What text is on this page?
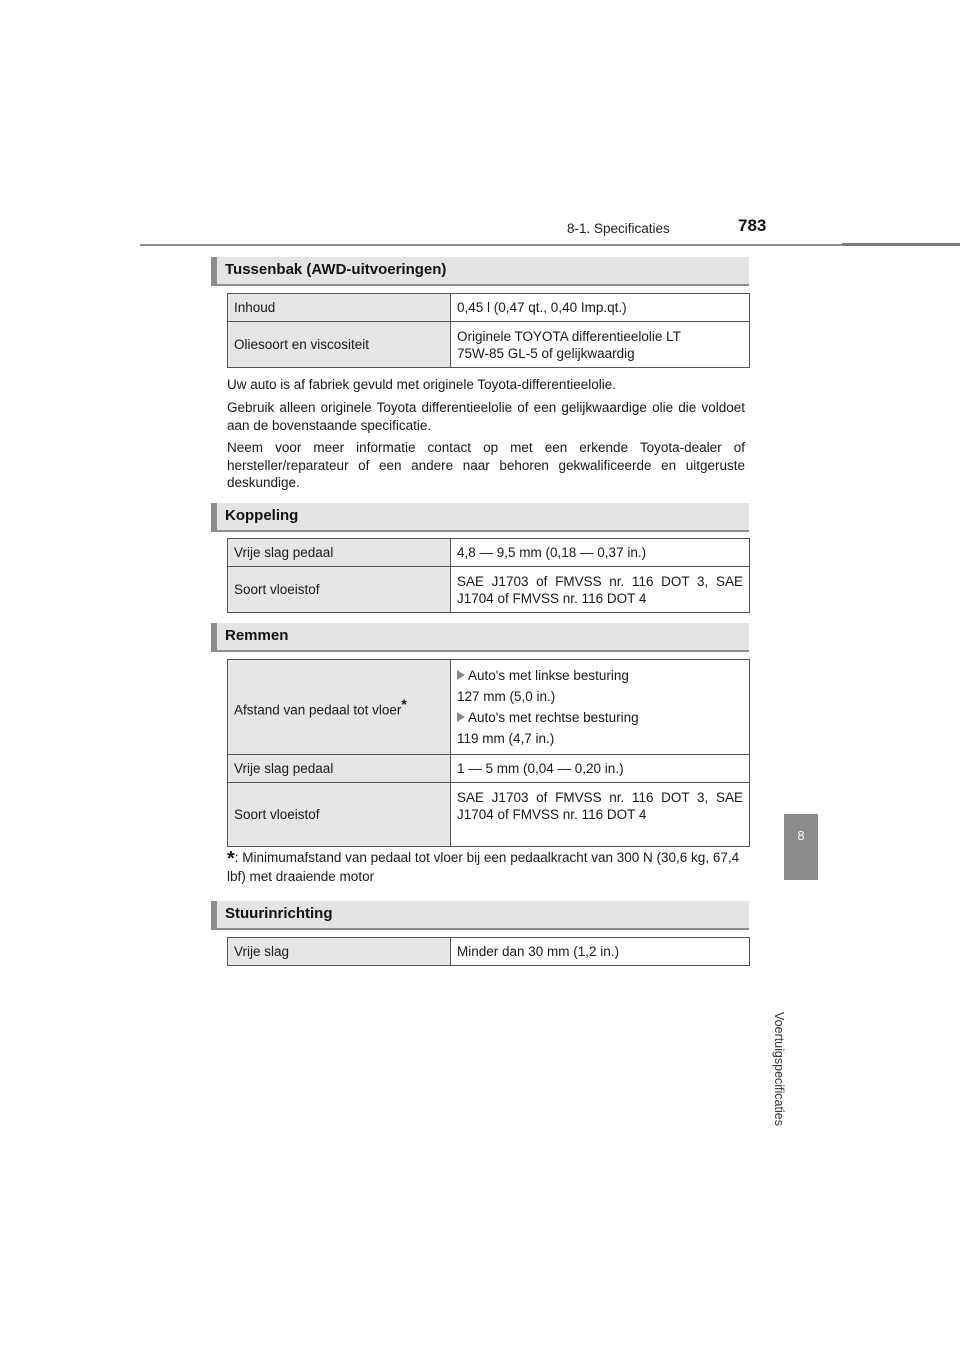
8-1. Specificaties	783
8
Voertuigspecificaties
Tussenbak (AWD-uitvoeringen)
Inhoud	0,45 l (0,47 qt., 0,40 Imp.qt.)
Oliesoort en viscositeit	Originele TOYOTA differentieelolie LT
75W-85 GL-5 of gelijkwaardig
Uw auto is af fabriek gevuld met originele Toyota-differentieelolie.
Gebruik alleen originele Toyota differentieelolie of een gelijkwaardige olie die voldoet aan de bovenstaande specificatie.
Neem voor meer informatie contact op met een erkende Toyota-dealer of hersteller/reparateur of een andere naar behoren gekwalificeerde en uitgeruste deskundige.
Koppeling
Vrije slag pedaal	4,8 — 9,5 mm (0,18 — 0,37 in.)
Soort vloeistof	SAE J1703 of FMVSS nr. 116 DOT 3, SAE J1704 of FMVSS nr. 116 DOT 4
Remmen
Afstand van pedaal tot vloer*	Auto's met linkse besturing
127 mm (5,0 in.)
Auto's met rechtse besturing
119 mm (4,7 in.)

Vrije slag pedaal	1 — 5 mm (0,04 — 0,20 in.)
Soort vloeistof	SAE J1703 of FMVSS nr. 116 DOT 3, SAE J1704 of FMVSS nr. 116 DOT 4
*: Minimumafstand van pedaal tot vloer bij een pedaalkracht van 300 N (30,6 kg, 67,4 lbf) met draaiende motor
Stuurinrichting
Vrije slag	Minder dan 30 mm (1,2 in.)
